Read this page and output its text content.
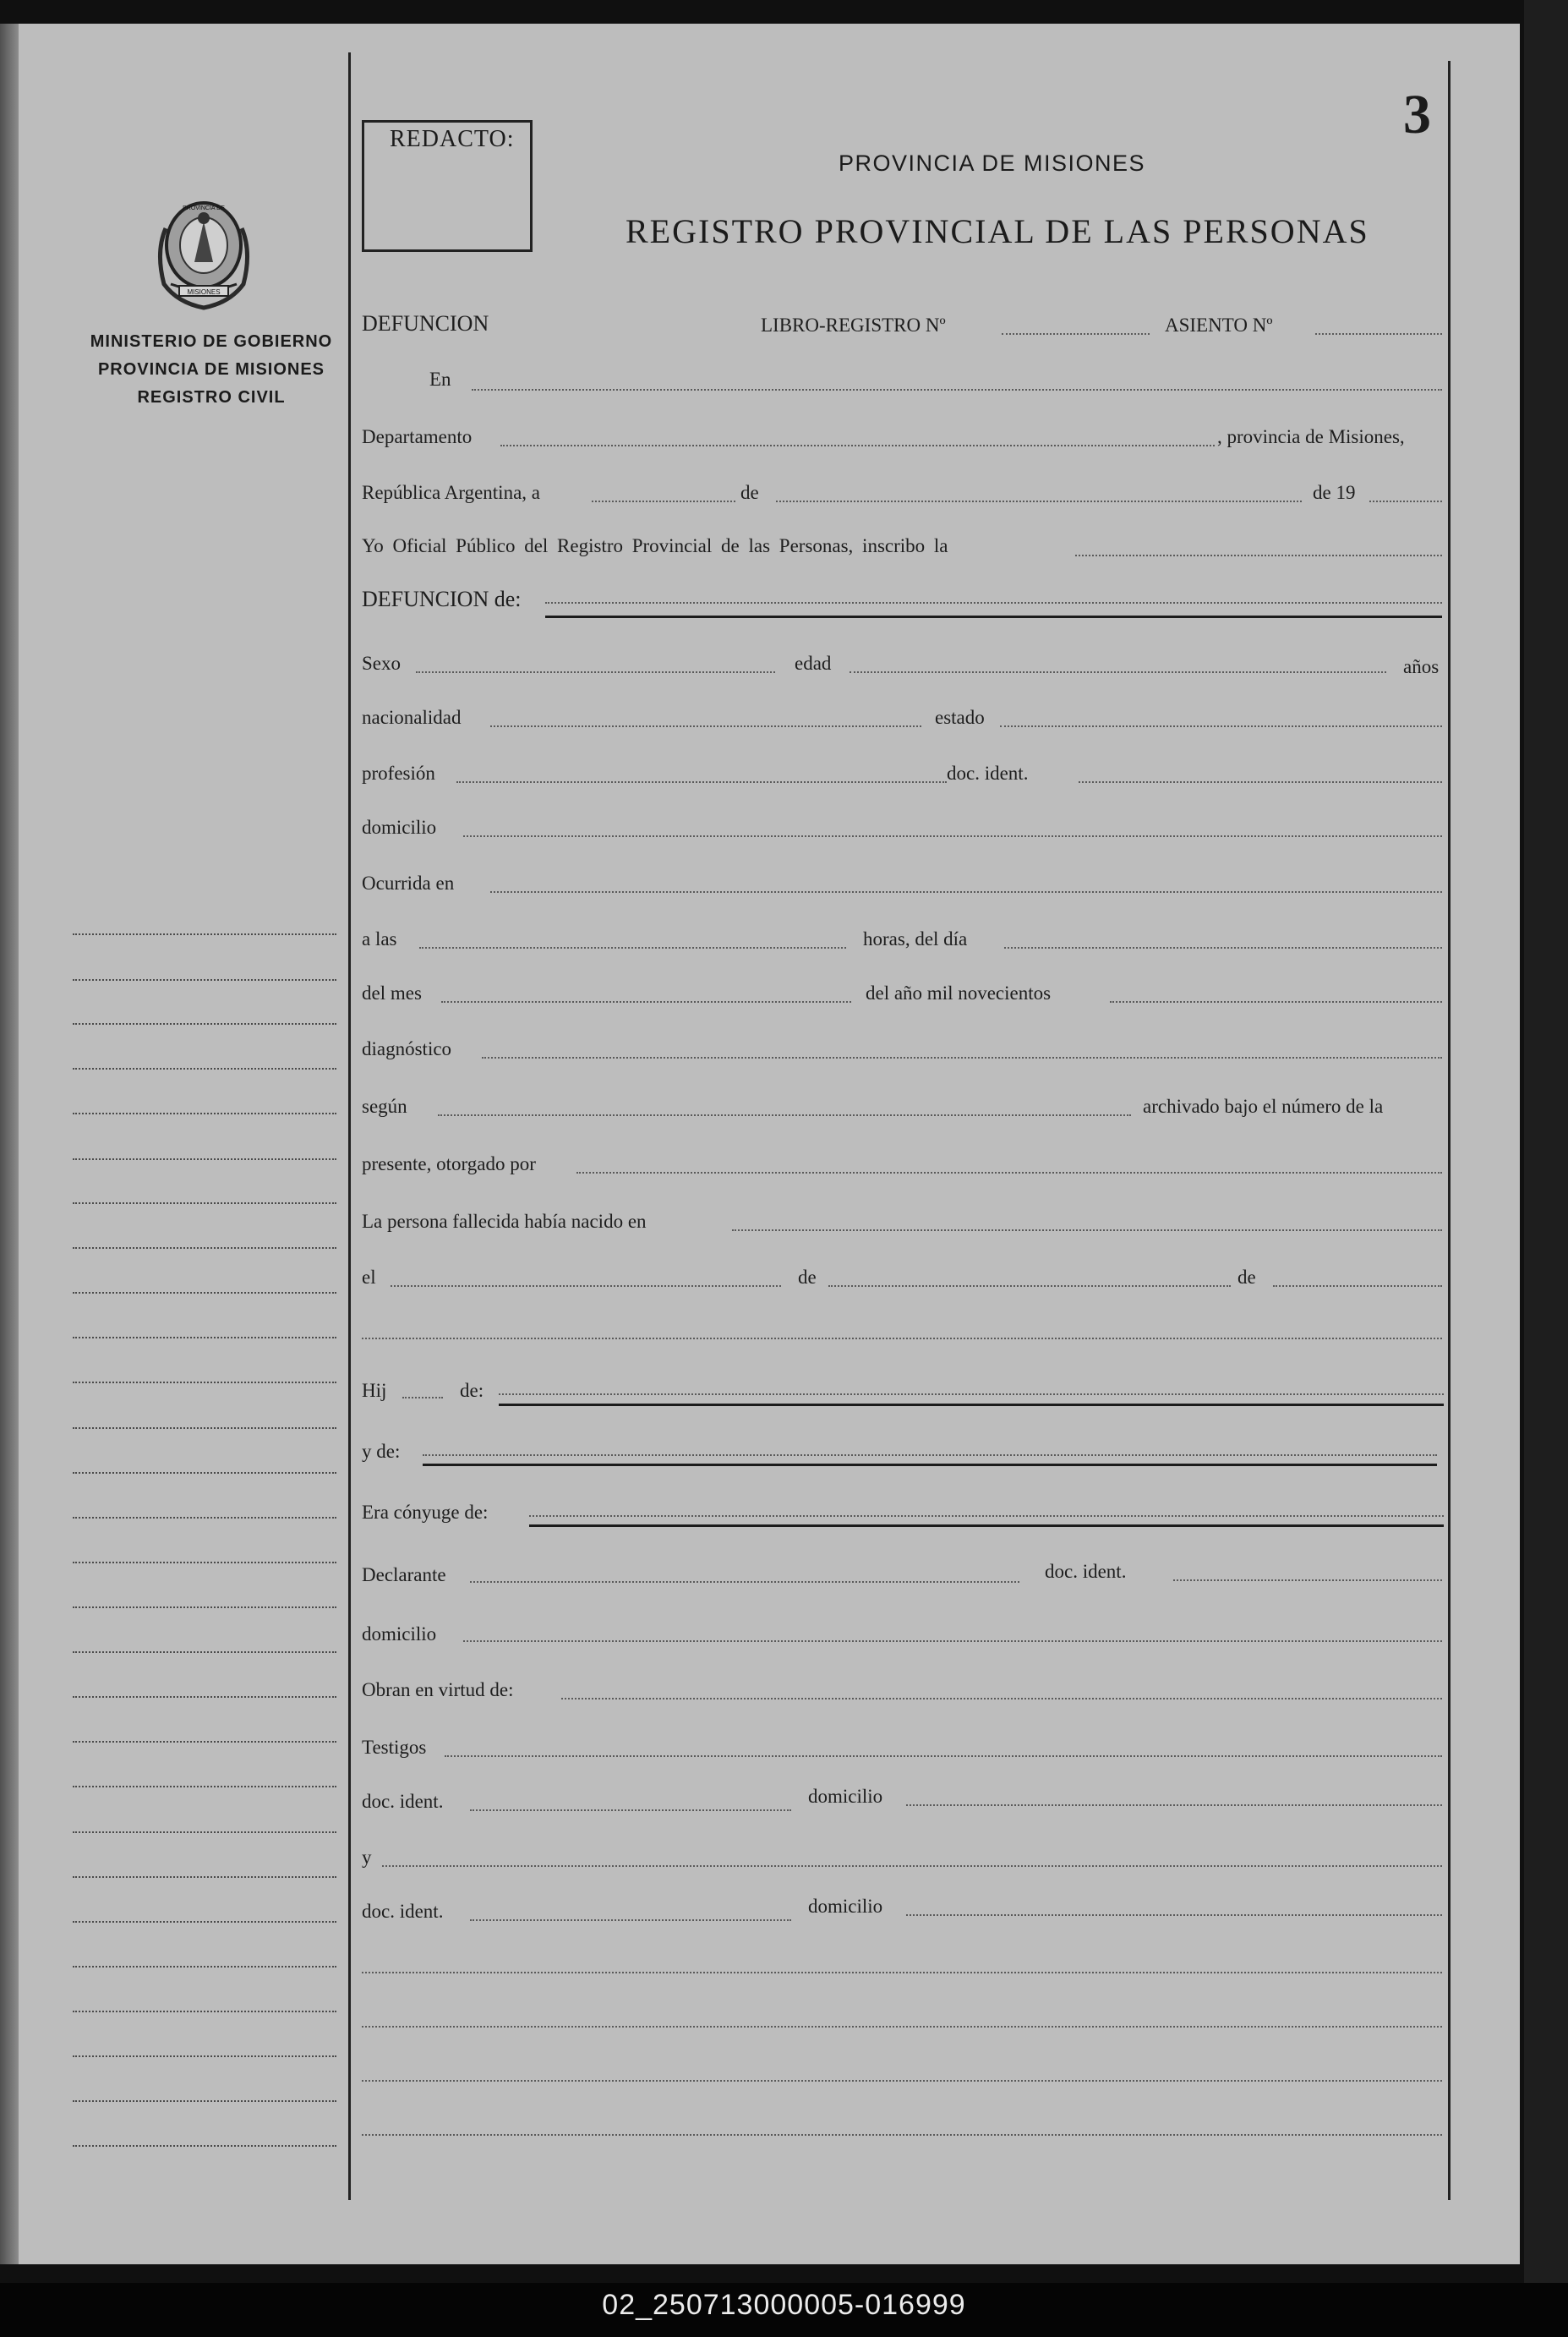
02_250713000005-016999
REDACTO:	3
PROVINCIA DE MISIONES
REGISTRO PROVINCIAL DE LAS PERSONAS
PROVINCIA DE
MISIONES
MINISTERIO DE GOBIERNO
PROVINCIA DE MISIONES
REGISTRO CIVIL
DEFUNCION	LIBRO-REGISTRO Nº	ASIENTO Nº
En
Departamento	, provincia de Misiones,
República Argentina, a	de	de 19
Yo Oficial Público del Registro Provincial de las Personas, inscribo la
DEFUNCION de:
Sexo	edad	años
nacionalidad	estado
profesión	doc. ident.
domicilio
Ocurrida en
a las	horas, del día
del mes	del año mil novecientos
diagnóstico
según	archivado bajo el número de la
presente, otorgado por
La persona fallecida había nacido en
el	de	de
Hij	de:
y de:
Era cónyuge de:
Declarante	doc. ident.
domicilio
Obran en virtud de:
Testigos
doc. ident.	domicilio
y
doc. ident.	domicilio
